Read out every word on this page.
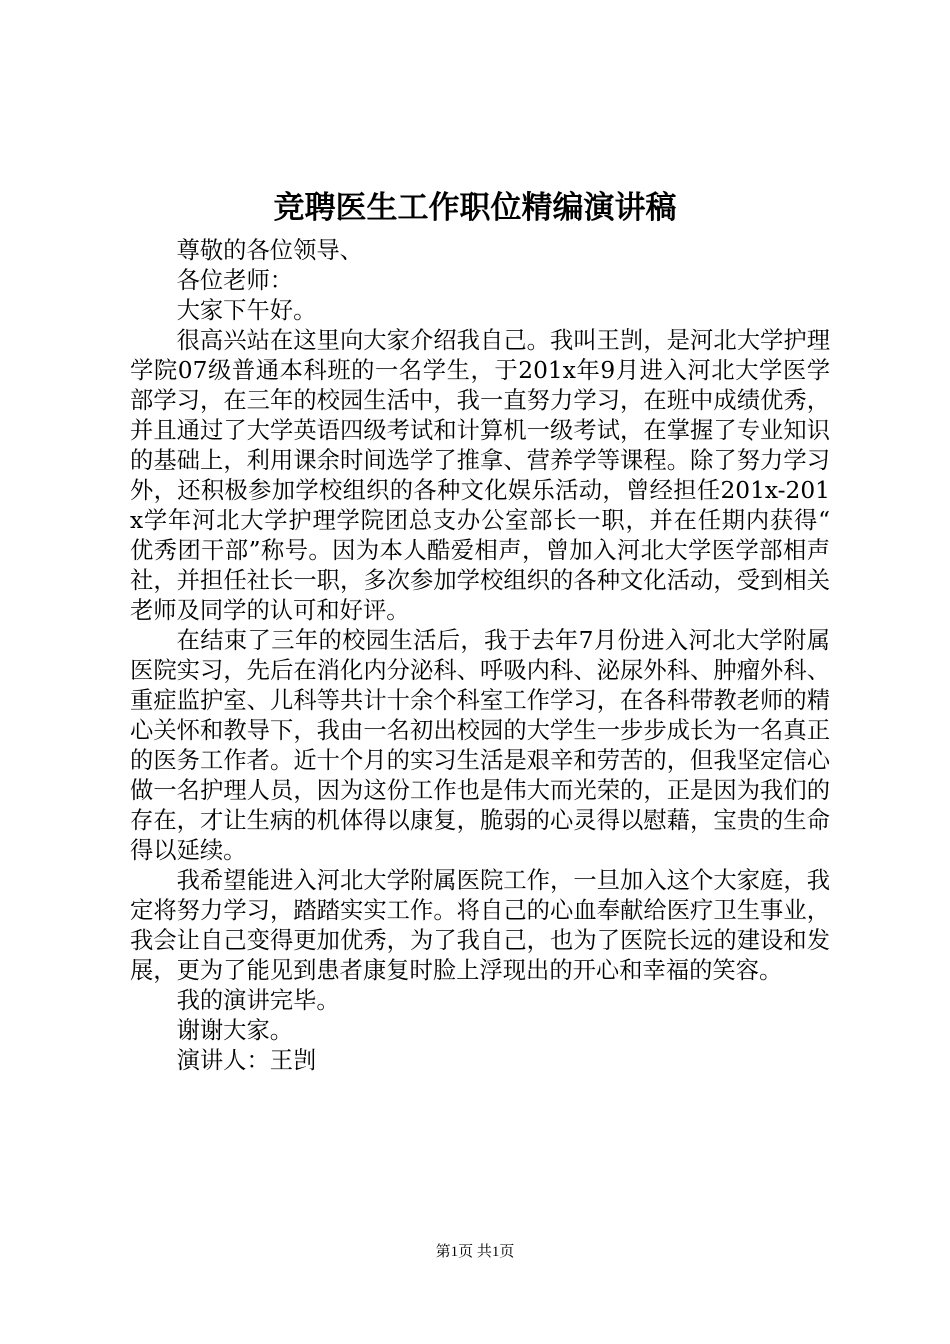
竞聘医生工作职位精编演讲稿

尊敬的各位领导、

各位老师：

大家下午好。

很高兴站在这里向大家介绍我自己。我叫王剀，是河北大学护理学院07级普通本科班的一名学生，于201x年9月进入河北大学医学部学习，在三年的校园生活中，我一直努力学习，在班中成绩优秀，并且通过了大学英语四级考试和计算机一级考试，在掌握了专业知识的基础上，利用课余时间选学了推拿、营养学等课程。除了努力学习外，还积极参加学校组织的各种文化娱乐活动，曾经担任201x-201x学年河北大学护理学院团总支办公室部长一职，并在任期内获得“优秀团干部”称号。因为本人酷爱相声，曾加入河北大学医学部相声社，并担任社长一职，多次参加学校组织的各种文化活动，受到相关老师及同学的认可和好评。

在结束了三年的校园生活后，我于去年7月份进入河北大学附属医院实习，先后在消化内分泌科、呼吸内科、泌尿外科、肿瘤外科、重症监护室、儿科等共计十余个科室工作学习，在各科带教老师的精心关怀和教导下，我由一名初出校园的大学生一步步成长为一名真正的医务工作者。近十个月的实习生活是艰辛和劳苦的，但我坚定信心做一名护理人员，因为这份工作也是伟大而光荣的，正是因为我们的存在，才让生病的机体得以康复，脆弱的心灵得以慰藉，宝贵的生命得以延续。

我希望能进入河北大学附属医院工作，一旦加入这个大家庭，我定将努力学习，踏踏实实工作。将自己的心血奉献给医疗卫生事业，我会让自己变得更加优秀，为了我自己，也为了医院长远的建设和发展，更为了能见到患者康复时脸上浮现出的开心和幸福的笑容。

我的演讲完毕。

谢谢大家。

演讲人：王剀

第1页 共1页
